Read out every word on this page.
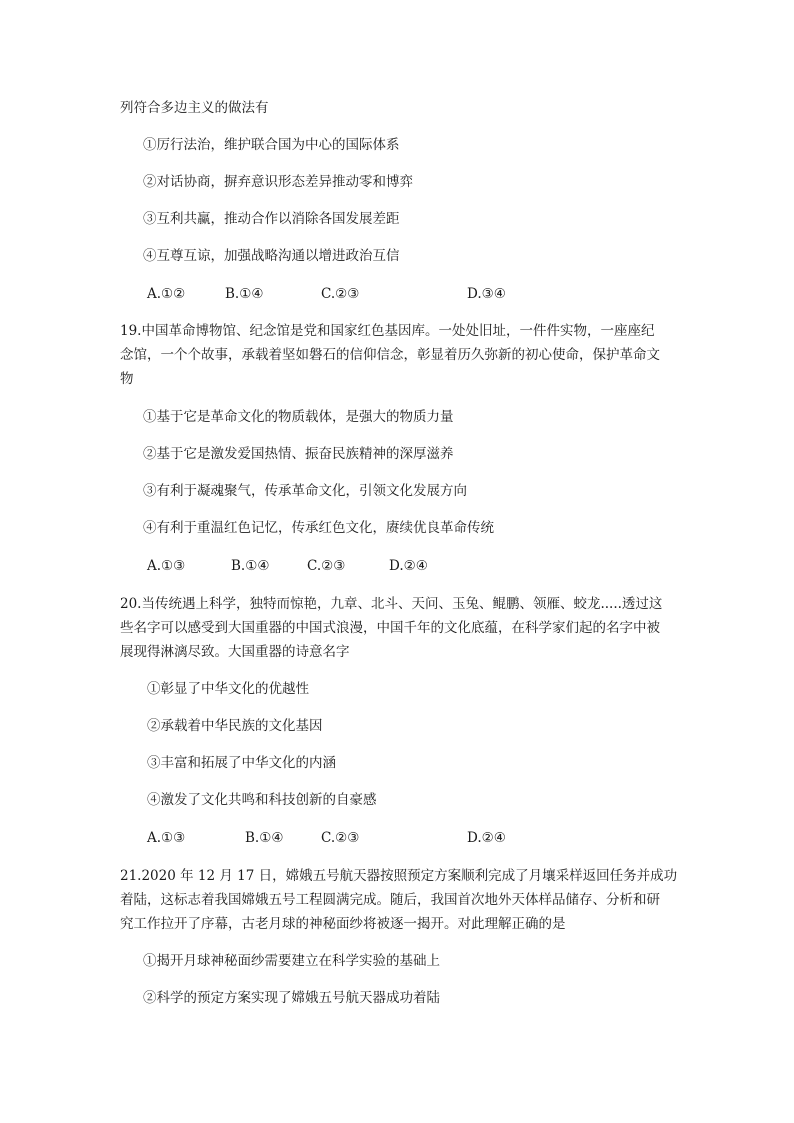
列符合多边主义的做法有
①厉行法治，维护联合国为中心的国际体系
②对话协商，摒弃意识形态差异推动零和博弈
③互利共赢，推动合作以消除各国发展差距
④互尊互谅，加强战略沟通以增进政治互信
A.①②	B.①④	C.②③	D.③④
19.中国革命博物馆、纪念馆是党和国家红色基因库。一处处旧址，一件件实物，一座座纪
念馆，一个个故事，承载着坚如磐石的信仰信念，彰显着历久弥新的初心使命，保护革命文
物
①基于它是革命文化的物质载体，是强大的物质力量
②基于它是激发爱国热情、振奋民族精神的深厚滋养
③有利于凝魂聚气，传承革命文化，引领文化发展方向
④有利于重温红色记忆，传承红色文化，赓续优良革命传统
A.①③	B.①④	C.②③	D.②④
20.当传统遇上科学，独特而惊艳，九章、北斗、天问、玉兔、鲲鹏、领雁、蛟龙.....透过这
些名字可以感受到大国重器的中国式浪漫，中国千年的文化底蕴，在科学家们起的名字中被
展现得淋漓尽致。大国重器的诗意名字
①彰显了中华文化的优越性
②承载着中华民族的文化基因
③丰富和拓展了中华文化的内涵
④激发了文化共鸣和科技创新的自豪感
A.①③	B.①④	C.②③	D.②④
21.2020 年 12 月 17 日，嫦娥五号航天器按照预定方案顺利完成了月壤采样返回任务并成功
着陆，这标志着我国嫦娥五号工程圆满完成。随后，我国首次地外天体样品储存、分析和研
究工作拉开了序幕，古老月球的神秘面纱将被逐一揭开。对此理解正确的是
①揭开月球神秘面纱需要建立在科学实验的基础上
②科学的预定方案实现了嫦娥五号航天器成功着陆
